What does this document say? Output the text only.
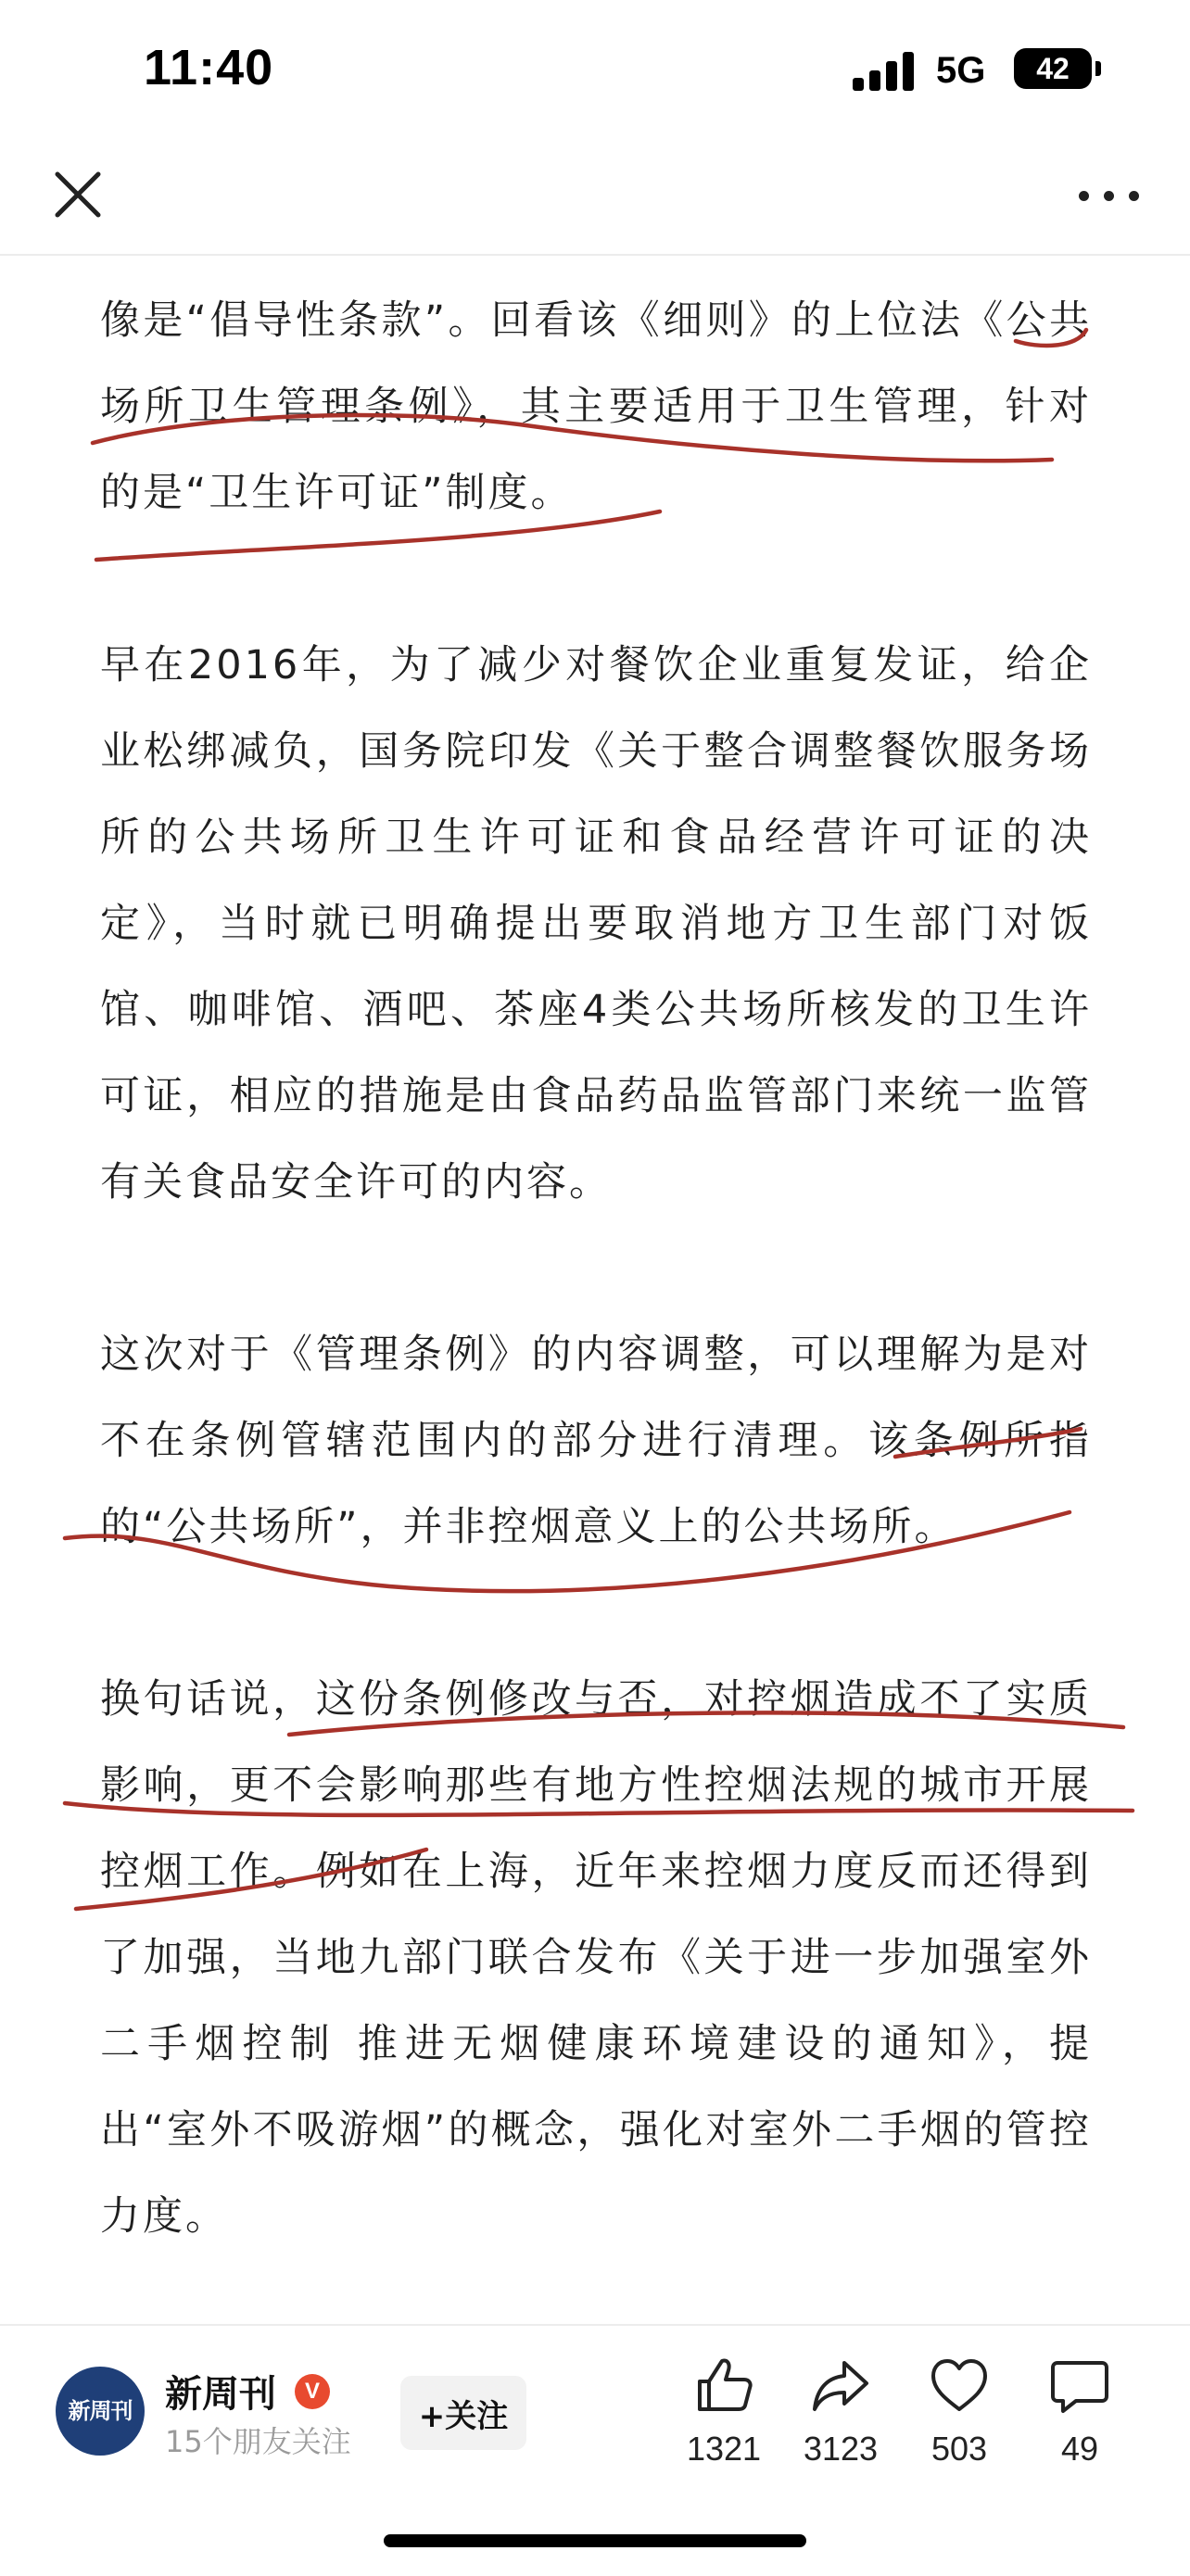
11:40	5G	42

像是“倡导性条款”。回看该《细则》的上位法《公共场所卫生管理条例》，其主要适用于卫生管理，针对的是“卫生许可证”制度。

早在2016年，为了减少对餐饮企业重复发证，给企业松绑减负，国务院印发《关于整合调整餐饮服务场所的公共场所卫生许可证和食品经营许可证的决定》，当时就已明确提出要取消地方卫生部门对饭馆、咖啡馆、酒吧、茶座4类公共场所核发的卫生许可证，相应的措施是由食品药品监管部门来统一监管有关食品安全许可的内容。

这次对于《管理条例》的内容调整，可以理解为是对不在条例管辖范围内的部分进行清理。该条例所指的“公共场所”，并非控烟意义上的公共场所。

换句话说，这份条例修改与否，对控烟造成不了实质影响，更不会影响那些有地方性控烟法规的城市开展控烟工作。例如在上海，近年来控烟力度反而还得到了加强，当地九部门联合发布《关于进一步加强室外二手烟控制 推进无烟健康环境建设的通知》，提出“室外不吸游烟”的概念，强化对室外二手烟的管控力度。

新周刊 新周刊	V
15个朋友关注
+关注
1321	3123	503	49
